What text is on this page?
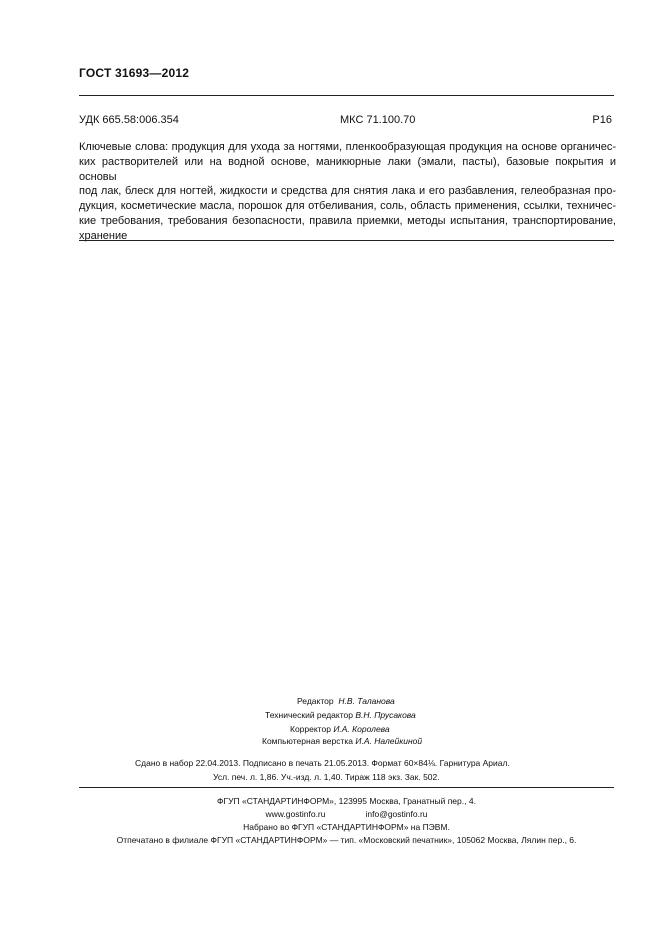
ГОСТ 31693—2012
УДК 665.58:006.354	МКС 71.100.70	Р16
Ключевые слова: продукция для ухода за ногтями, пленкообразующая продукция на основе органичес-
ких растворителей или на водной основе, маникюрные лаки (эмали, пасты), базовые покрытия и основы
под лак, блеск для ногтей, жидкости и средства для снятия лака и его разбавления, гелеобразная про-
дукция, косметические масла, порошок для отбеливания, соль, область применения, ссылки, техничес-
кие требования, требования безопасности, правила приемки, методы испытания, транспортирование,
хранение
Редактор Н.В. Таланова
Технический редактор В.Н. Прусакова
Корректор И.А. Королева
Компьютерная верстка И.А. Налейкиной
Сдано в набор 22.04.2013. Подписано в печать 21.05.2013. Формат 60×84⅛. Гарнитура Ариал.
Усл. печ. л. 1,86. Уч.-изд. л. 1,40. Тираж 118 экз. Зак. 502.
ФГУП «СТАНДАРТИНФОРМ», 123995 Москва, Гранатный пер., 4.
www.gostinfo.ru	info@gostinfo.ru
Набрано во ФГУП «СТАНДАРТИНФОРМ» на ПЭВМ.
Отпечатано в филиале ФГУП «СТАНДАРТИНФОРМ» — тип. «Московский печатник», 105062 Москва, Лялин пер., 6.
